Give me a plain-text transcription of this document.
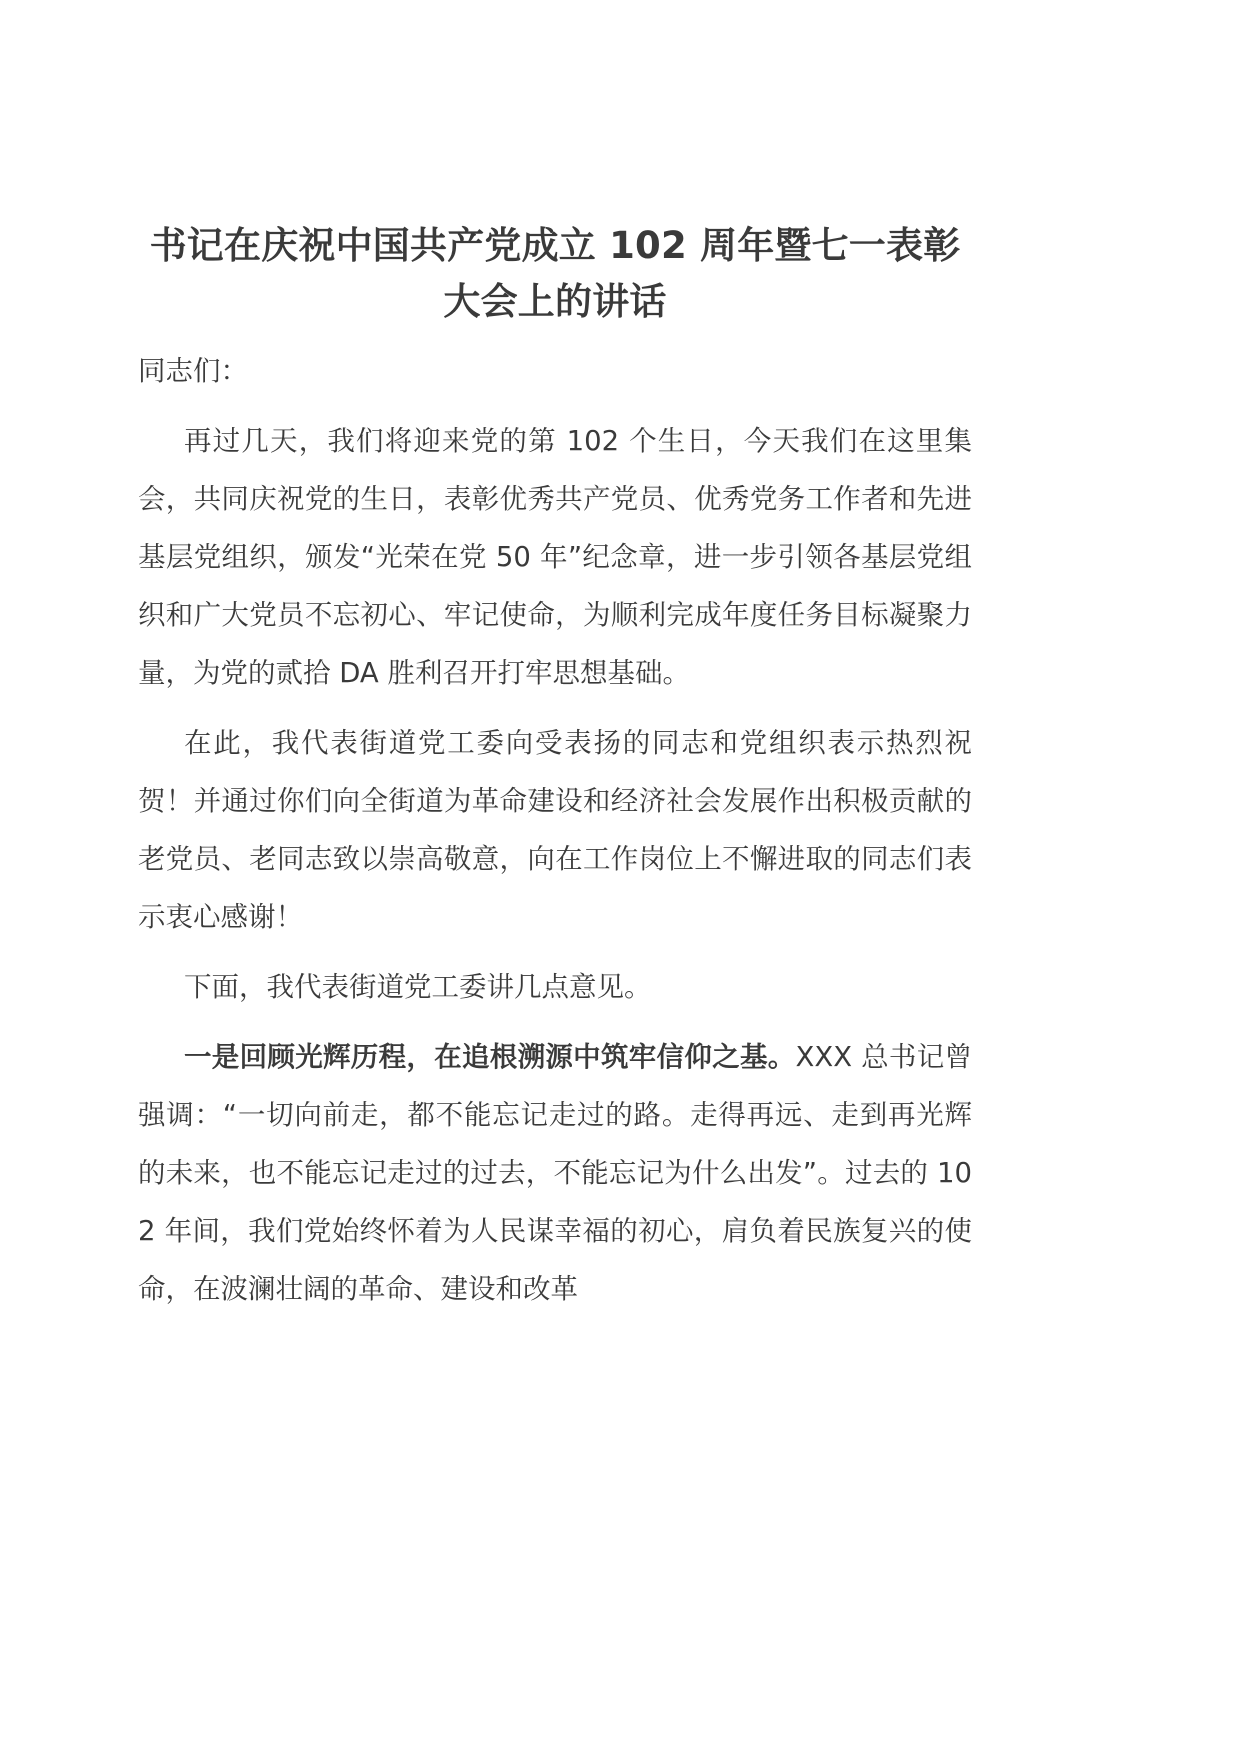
书记在庆祝中国共产党成立 102 周年暨七一表彰大会上的讲话

同志们：

再过几天，我们将迎来党的第 102 个生日，今天我们在这里集会，共同庆祝党的生日，表彰优秀共产党员、优秀党务工作者和先进基层党组织，颁发“光荣在党 50 年”纪念章，进一步引领各基层党组织和广大党员不忘初心、牢记使命，为顺利完成年度任务目标凝聚力量，为党的贰拾 DA 胜利召开打牢思想基础。

在此，我代表街道党工委向受表扬的同志和党组织表示热烈祝贺！并通过你们向全街道为革命建设和经济社会发展作出积极贡献的老党员、老同志致以崇高敬意，向在工作岗位上不懈进取的同志们表示衷心感谢！

下面，我代表街道党工委讲几点意见。

一是回顾光辉历程，在追根溯源中筑牢信仰之基。XXX 总书记曾强调：“一切向前走，都不能忘记走过的路。走得再远、走到再光辉的未来，也不能忘记走过的过去，不能忘记为什么出发”。过去的 102 年间，我们党始终怀着为人民谋幸福的初心，肩负着民族复兴的使命，在波澜壮阔的革命、建设和改革
